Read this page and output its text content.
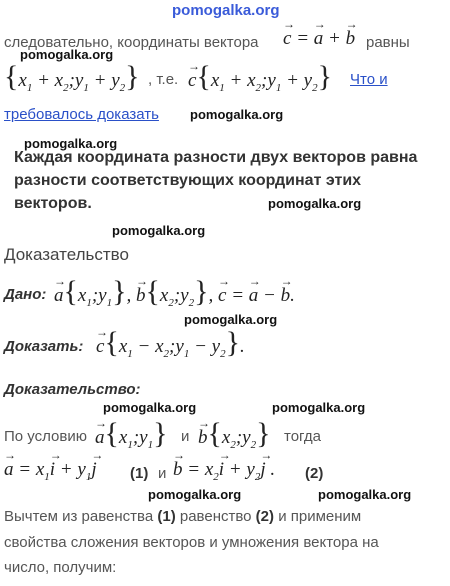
pomogalka.org
pomogalka.org
pomogalka.org
pomogalka.org
pomogalka.org
pomogalka.org
pomogalka.org
pomogalka.org	pomogalka.org
pomogalka.org	pomogalka.org
следовательно, координаты вектора
→ c = → a + → b равны
{$x_1$ + $x_2;y_1 + y_2$} , т.е.
→ $c\{x_1$ + $x_2;y_1 + y_2$} Что и
требовалось доказать
Каждая координата разности двух векторов равна разности соответствующих координат этих векторов.
Доказательство
Дано:
→ $a\{x_1;y_1\}$, → $b\{x_2;y_2\}$, → c = → a − → b.
Доказать:
→ $c\{x_1$ − $x_2;y_1 - y_2$}.
Доказательство:
По условию
→ $a\{x_1;y_1\}$ и
→ $b\{x_2;y_2\}$ тогда
→ $a = x_1\to i + y_1\to j$ (1) и
→ $b = x_2\to i + y_2\to j$ . (2)
Вычтем из равенства (1) равенство (2) и применим
свойства сложения векторов и умножения вектора на
число, получим:
